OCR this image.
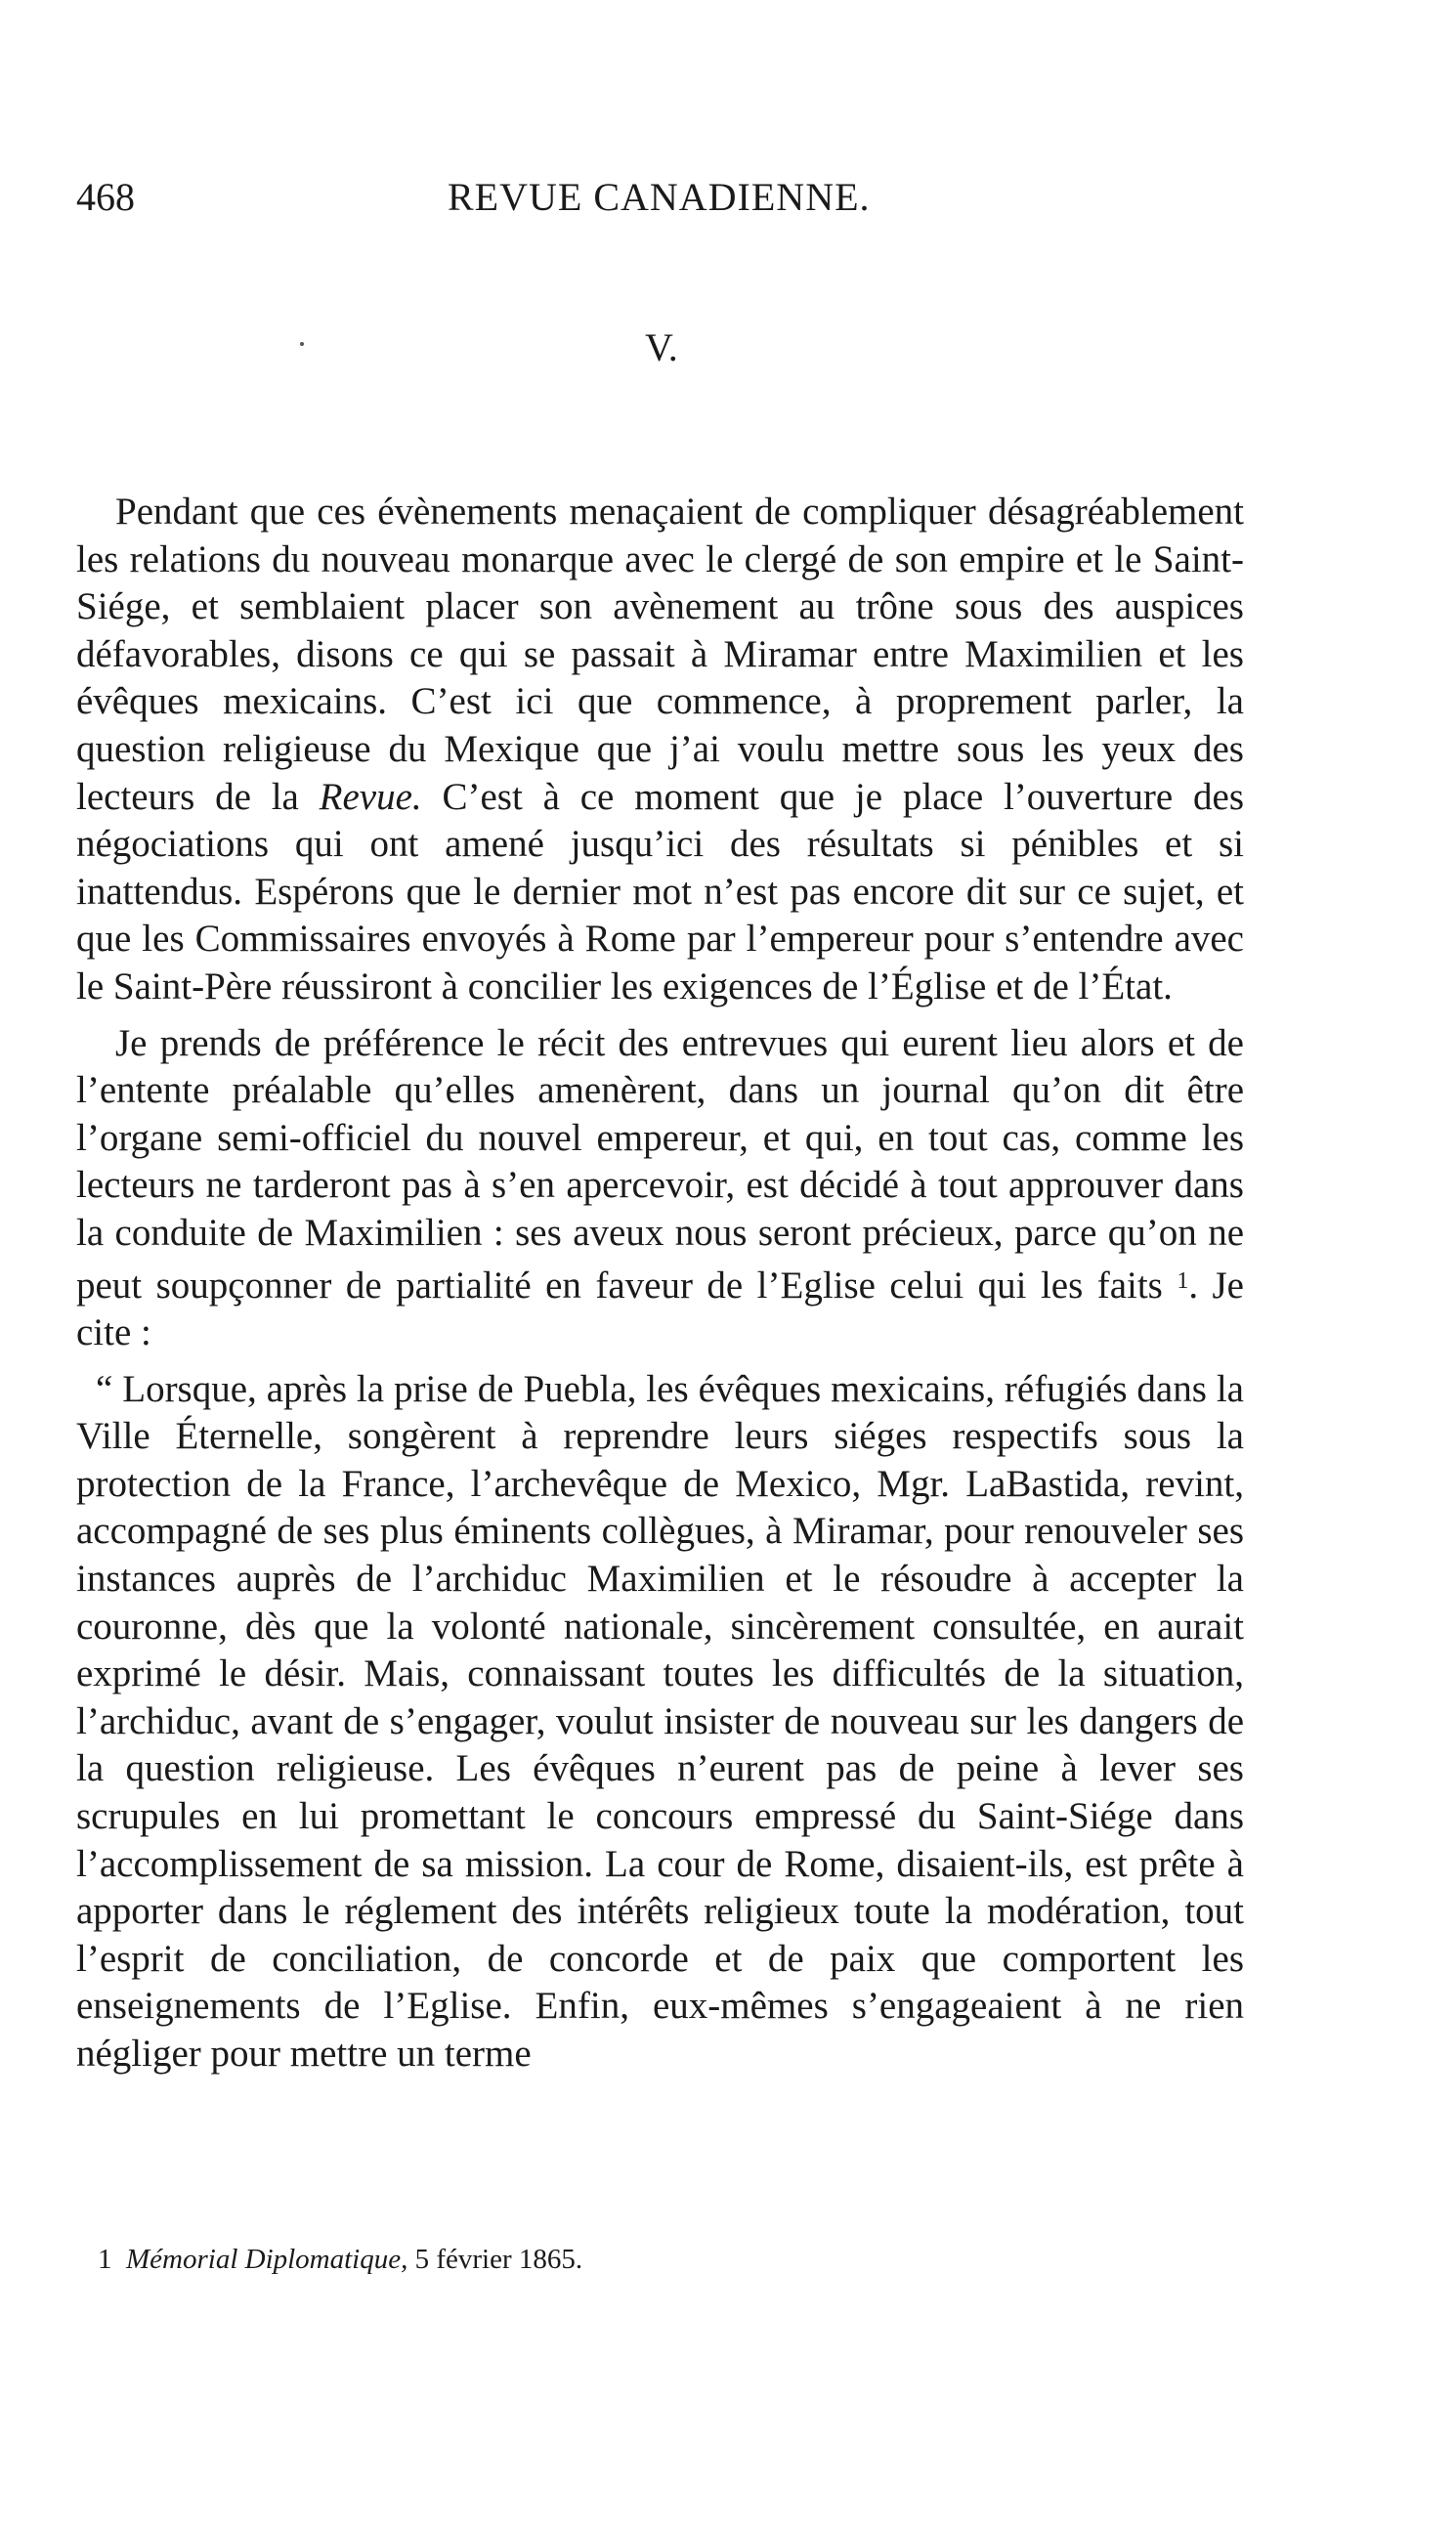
468	REVUE CANADIENNE.
V.

Pendant que ces évènements menaçaient de compliquer désagréablement les relations du nouveau monarque avec le clergé de son empire et le Saint-Siége, et semblaient placer son avènement au trône sous des auspices défavorables, disons ce qui se passait à Miramar entre Maximilien et les évêques mexicains. C’est ici que commence, à proprement parler, la question religieuse du Mexique que j’ai voulu mettre sous les yeux des lecteurs de la Revue. C’est à ce moment que je place l’ouverture des négociations qui ont amené jusqu’ici des résultats si pénibles et si inattendus. Espérons que le dernier mot n’est pas encore dit sur ce sujet, et que les Commissaires envoyés à Rome par l’empereur pour s’entendre avec le Saint-Père réussiront à concilier les exigences de l’Église et de l’État.

Je prends de préférence le récit des entrevues qui eurent lieu alors et de l’entente préalable qu’elles amenèrent, dans un journal qu’on dit être l’organe semi-officiel du nouvel empereur, et qui, en tout cas, comme les lecteurs ne tarderont pas à s’en apercevoir, est décidé à tout approuver dans la conduite de Maximilien : ses aveux nous seront précieux, parce qu’on ne peut soupçonner de partialité en faveur de l’Eglise celui qui les faits $^1$. Je cite :

“ Lorsque, après la prise de Puebla, les évêques mexicains, réfugiés dans la Ville Éternelle, songèrent à reprendre leurs siéges respectifs sous la protection de la France, l’archevêque de Mexico, Mgr. LaBastida, revint, accompagné de ses plus éminents collègues, à Miramar, pour renouveler ses instances auprès de l’archiduc Maximilien et le résoudre à accepter la couronne, dès que la volonté nationale, sincèrement consultée, en aurait exprimé le désir. Mais, connaissant toutes les difficultés de la situation, l’archiduc, avant de s’engager, voulut insister de nouveau sur les dangers de la question religieuse. Les évêques n’eurent pas de peine à lever ses scrupules en lui promettant le concours empressé du Saint-Siége dans l’accomplissement de sa mission. La cour de Rome, disaient-ils, est prête à apporter dans le réglement des intérêts religieux toute la modération, tout l’esprit de conciliation, de concorde et de paix que comportent les enseignements de l’Eglise. Enfin, eux-mêmes s’engageaient à ne rien négliger pour mettre un terme

1 Mémorial Diplomatique, 5 février 1865.
